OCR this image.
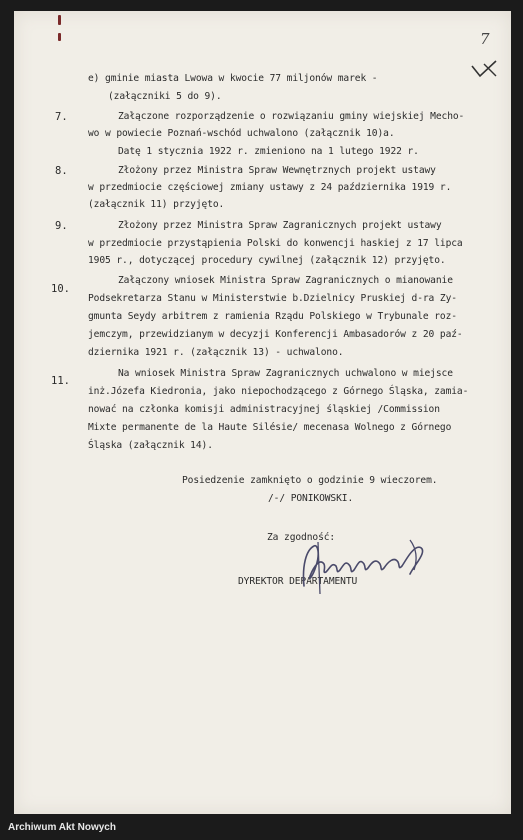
7
e) gminie miasta Lwowa w kwocie 77 miljonów marek -
(załączniki 5 do 9).
Załączone rozporządzenie o rozwiązaniu gminy wiejskiej Mecho-
wo w powiecie Poznań-wschód uchwalono (załącznik 10)a.
Datę 1 stycznia 1922 r. zmieniono na 1 lutego 1922 r.
Złożony przez Ministra Spraw Wewnętrznych projekt ustawy
w przedmiocie częściowej zmiany ustawy z 24 października 1919 r.
(załącznik 11) przyjęto.
Złożony przez Ministra Spraw Zagranicznych projekt ustawy
w przedmiocie przystąpienia Polski do konwencji haskiej z 17 lipca
1905 r., dotyczącej procedury cywilnej (załącznik 12) przyjęto.
Załączony wniosek Ministra Spraw Zagranicznych o mianowanie
Podsekretarza Stanu w Ministerstwie b.Dzielnicy Pruskiej d-ra Zy-
gmunta Seydy arbitrem z ramienia Rządu Polskiego w Trybunale roz-
jemczym, przewidzianym w decyzji Konferencji Ambasadorów z 20 paź-
dziernika 1921 r. (załącznik 13) - uchwalono.
Na wniosek Ministra Spraw Zagranicznych uchwalono w miejsce
inż.Józefa Kiedronia, jako niepochodzącego z Górnego Śląska, zamia-
nować na członka komisji administracyjnej śląskiej /Commission
Mixte permanente de la Haute Silésie/ mecenasa Wolnego z Górnego
Śląska (załącznik 14).
Posiedzenie zamknięto o godzinie 9 wieczorem.
/-/ PONIKOWSKI.
Za zgodność:
DYREKTOR DEPARTAMENTU
7.
8.
9.
10.
11.
Archiwum Akt Nowych
